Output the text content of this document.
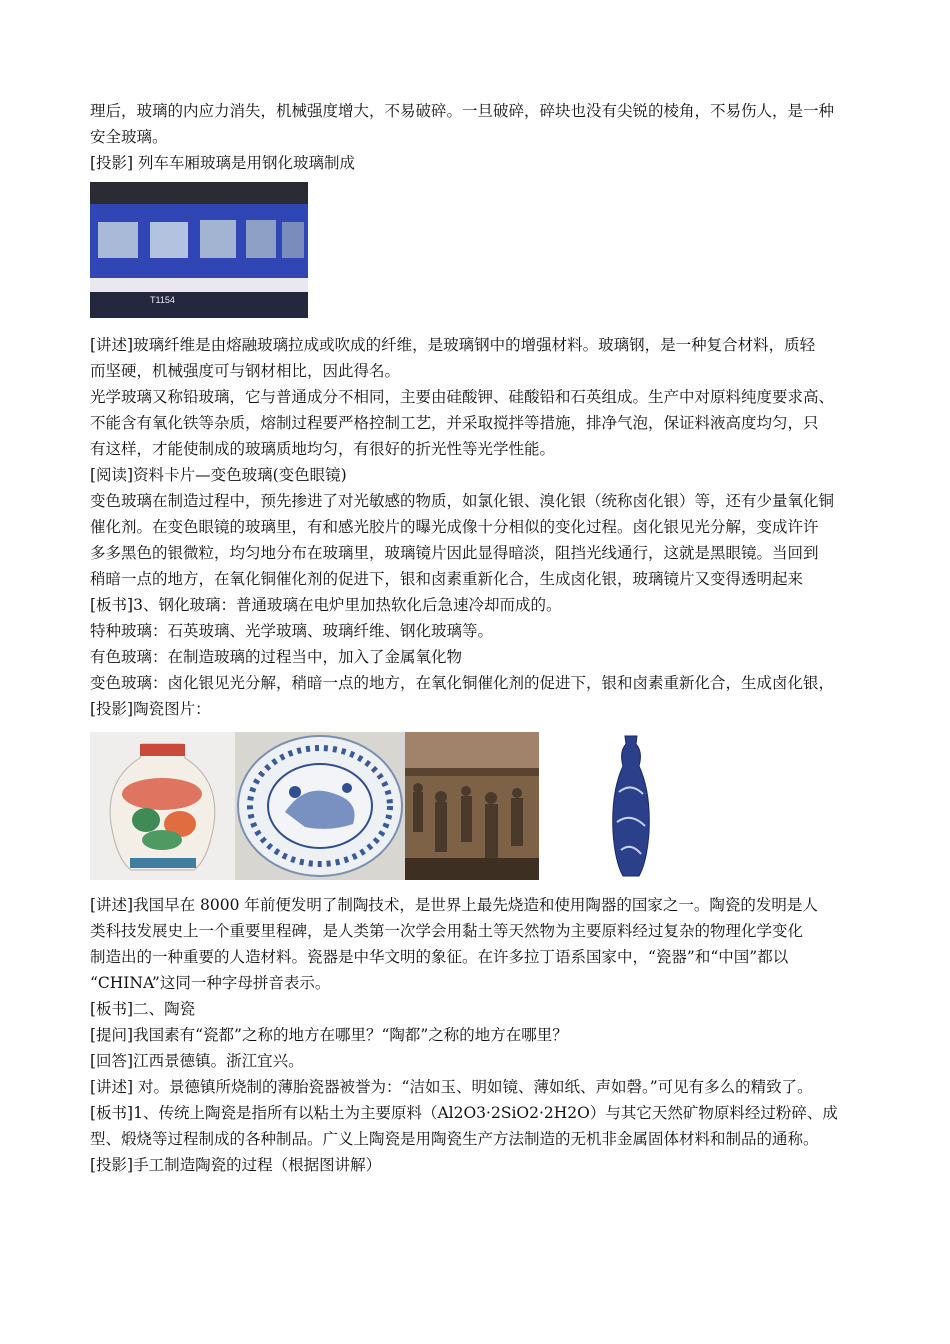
理后，玻璃的内应力消失，机械强度增大，不易破碎。一旦破碎，碎块也没有尖锐的棱角，不易伤人，是一种
安全玻璃。
[投影] 列车车厢玻璃是用钢化玻璃制成
T1154
[讲述]玻璃纤维是由熔融玻璃拉成或吹成的纤维，是玻璃钢中的增强材料。玻璃钢，是一种复合材料，质轻
而坚硬，机械强度可与钢材相比，因此得名。
光学玻璃又称铅玻璃，它与普通成分不相同，主要由硅酸钾、硅酸铅和石英组成。生产中对原料纯度要求高、
不能含有氧化铁等杂质，熔制过程要严格控制工艺，并采取搅拌等措施，排净气泡，保证料液高度均匀，只
有这样，才能使制成的玻璃质地均匀，有很好的折光性等光学性能。
[阅读]资料卡片—变色玻璃(变色眼镜)
变色玻璃在制造过程中，预先掺进了对光敏感的物质，如氯化银、溴化银（统称卤化银）等，还有少量氧化铜
催化剂。在变色眼镜的玻璃里，有和感光胶片的曝光成像十分相似的变化过程。卤化银见光分解，变成许许
多多黑色的银微粒，均匀地分布在玻璃里，玻璃镜片因此显得暗淡，阻挡光线通行，这就是黑眼镜。当回到
稍暗一点的地方，在氧化铜催化剂的促进下，银和卤素重新化合，生成卤化银，玻璃镜片又变得透明起来
[板书]3、钢化玻璃：普通玻璃在电炉里加热软化后急速冷却而成的。
特种玻璃：石英玻璃、光学玻璃、玻璃纤维、钢化玻璃等。
有色玻璃：在制造玻璃的过程当中，加入了金属氧化物
变色玻璃：卤化银见光分解，稍暗一点的地方，在氧化铜催化剂的促进下，银和卤素重新化合，生成卤化银，
[投影]陶瓷图片：
[讲述]我国早在 8000 年前便发明了制陶技术，是世界上最先烧造和使用陶器的国家之一。陶瓷的发明是人
类科技发展史上一个重要里程碑，是人类第一次学会用黏土等天然物为主要原料经过复杂的物理化学变化
制造出的一种重要的人造材料。瓷器是中华文明的象征。在许多拉丁语系国家中，“瓷器”和“中国”都以
“CHINA”这同一种字母拼音表示。
[板书]二、陶瓷
[提问]我国素有“瓷都”之称的地方在哪里？“陶都”之称的地方在哪里？
[回答]江西景德镇。浙江宜兴。
[讲述] 对。景德镇所烧制的薄胎瓷器被誉为：“洁如玉、明如镜、薄如纸、声如磬。”可见有多么的精致了。
[板书]1、传统上陶瓷是指所有以粘土为主要原料（Al2O3·2SiO2·2H2O）与其它天然矿物原料经过粉碎、成
型、煅烧等过程制成的各种制品。广义上陶瓷是用陶瓷生产方法制造的无机非金属固体材料和制品的通称。
[投影]手工制造陶瓷的过程（根据图讲解）
